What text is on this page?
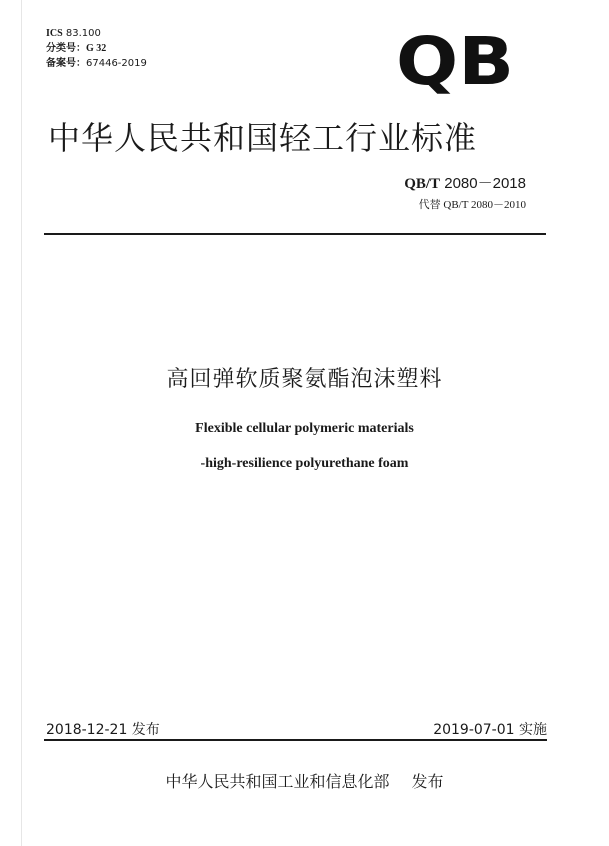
ICS 83.100
分类号：G 32
备案号：67446-2019	QB
中华人民共和国轻工行业标准
QB/T 2080－2018
代替 QB/T 2080－2010
高回弹软质聚氨酯泡沫塑料
Flexible cellular polymeric materials
-high-resilience polyurethane foam
2018-12-21 发布	2019-07-01 实施
中华人民共和国工业和信息化部 发布
